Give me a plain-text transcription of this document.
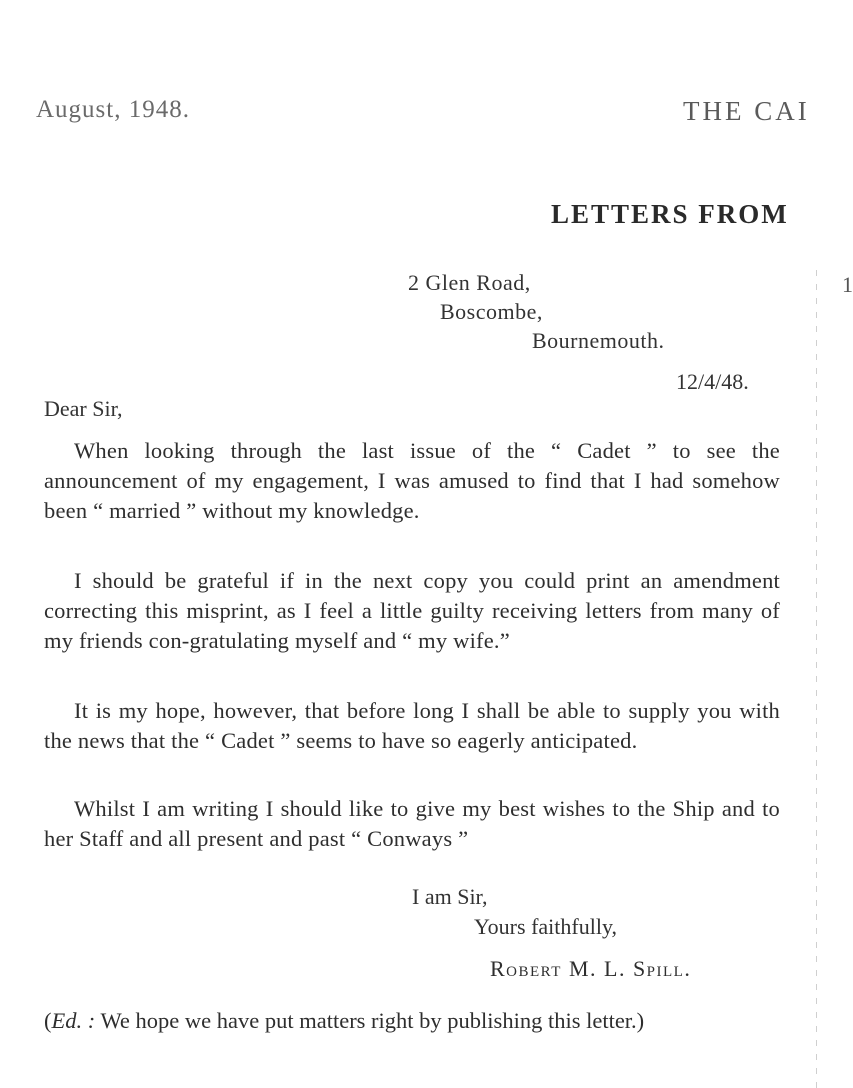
August, 1948.	THE CAI
LETTERS FROM
1
2 Glen Road,
Boscombe,
Bournemouth.
12/4/48.
Dear Sir,
When looking through the last issue of the “ Cadet ” to see the announcement of my engagement, I was amused to find that I had somehow been “ married ” without my knowledge.
I should be grateful if in the next copy you could print an amendment correcting this misprint, as I feel a little guilty receiving letters from many of my friends con-gratulating myself and “ my wife.”
It is my hope, however, that before long I shall be able to supply you with the news that the “ Cadet ” seems to have so eagerly anticipated.
Whilst I am writing I should like to give my best wishes to the Ship and to her Staff and all present and past “ Conways ”
I am Sir,
Yours faithfully,
Robert M. L. Spill.
(Ed. : We hope we have put matters right by publishing this letter.)
